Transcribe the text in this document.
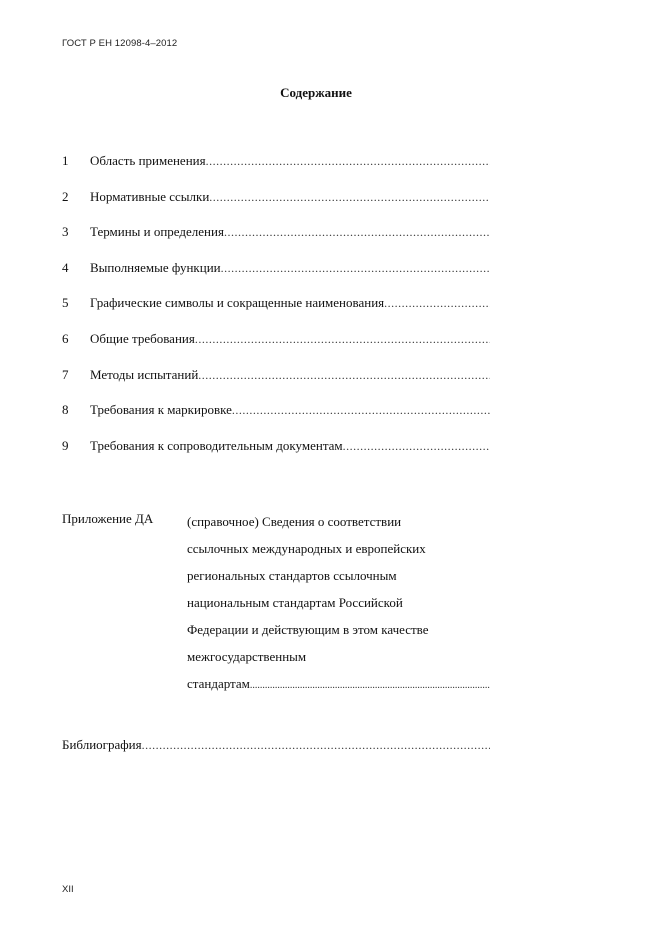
ГОСТ Р ЕН 12098-4–2012
Содержание
1	Область применения
.....
2	Нормативные ссылки
.....
3	Термины и определения
.....
4	Выполняемые функции
.....
5	Графические символы и сокращенные наименования
.....
6	Общие требования
.....
7	Методы испытаний
.....
8	Требования к маркировке
.....
9	Требования к сопроводительным документам
.....
Приложение ДА	(справочное) Сведения о соответствии
ссылочных международных и европейских
региональных стандартов ссылочным
национальным стандартам Российской
Федерации и действующим в этом качестве
межгосударственным
стандартам
.....
Библиография
.....
XII
